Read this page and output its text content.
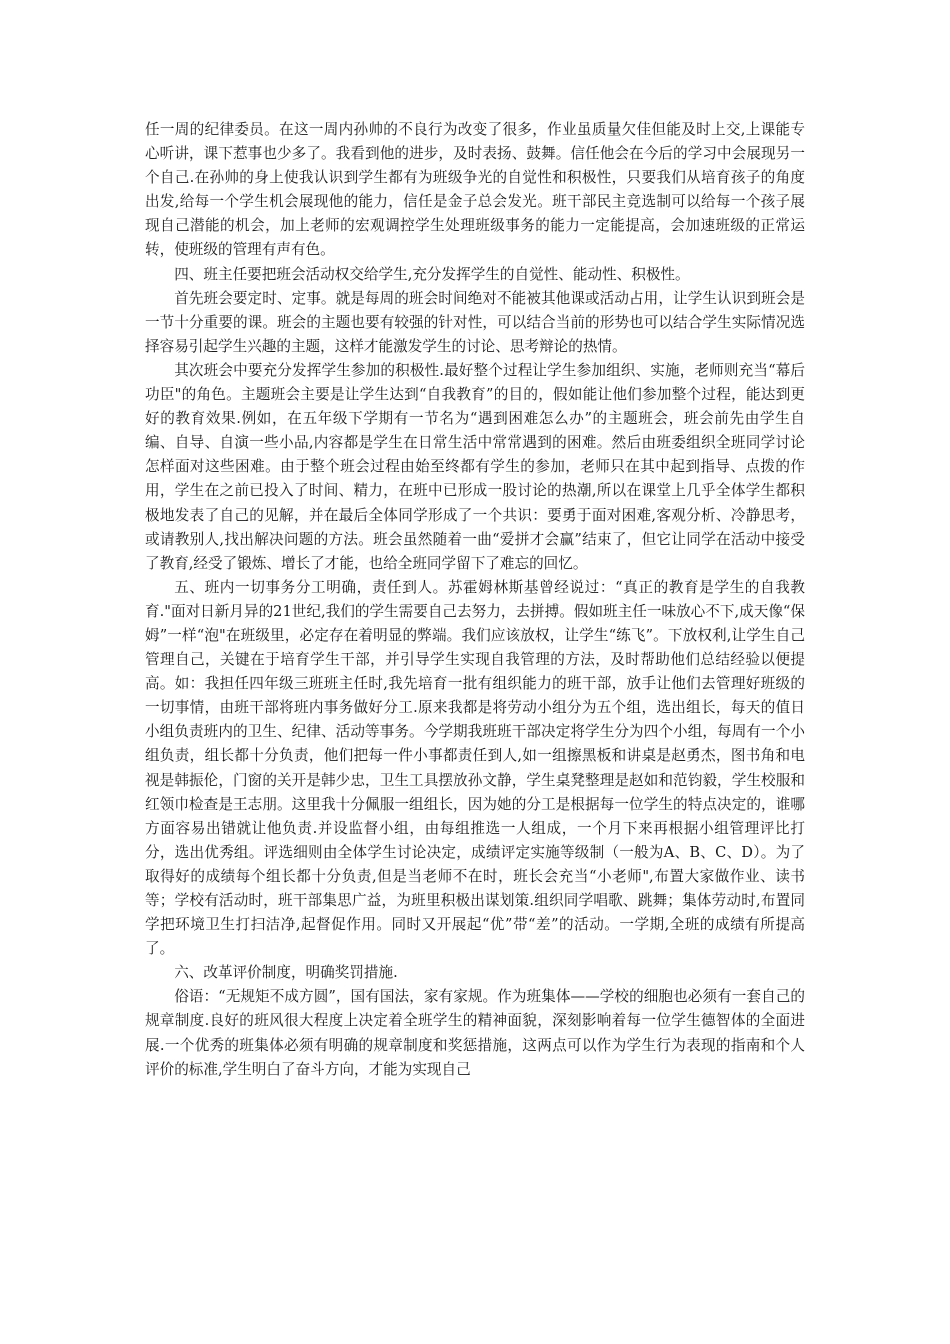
任一周的纪律委员。在这一周内孙帅的不良行为改变了很多，作业虽质量欠佳但能及时上交,上课能专心听讲，课下惹事也少多了。我看到他的进步，及时表扬、鼓舞。信任他会在今后的学习中会展现另一个自己.在孙帅的身上使我认识到学生都有为班级争光的自觉性和积极性，只要我们从培育孩子的角度出发,给每一个学生机会展现他的能力，信任是金子总会发光。班干部民主竞选制可以给每一个孩子展现自己潜能的机会，加上老师的宏观调控学生处理班级事务的能力一定能提高，会加速班级的正常运转，使班级的管理有声有色。

四、班主任要把班会活动权交给学生,充分发挥学生的自觉性、能动性、积极性。

首先班会要定时、定事。就是每周的班会时间绝对不能被其他课或活动占用，让学生认识到班会是一节十分重要的课。班会的主题也要有较强的针对性，可以结合当前的形势也可以结合学生实际情况选择容易引起学生兴趣的主题，这样才能激发学生的讨论、思考辩论的热情。

其次班会中要充分发挥学生参加的积极性.最好整个过程让学生参加组织、实施，老师则充当“幕后功臣"的角色。主题班会主要是让学生达到“自我教育”的目的，假如能让他们参加整个过程，能达到更好的教育效果.例如，在五年级下学期有一节名为“遇到困难怎么办”的主题班会，班会前先由学生自编、自导、自演一些小品,内容都是学生在日常生活中常常遇到的困难。然后由班委组织全班同学讨论怎样面对这些困难。由于整个班会过程由始至终都有学生的参加，老师只在其中起到指导、点拨的作用，学生在之前已投入了时间、精力，在班中已形成一股讨论的热潮,所以在课堂上几乎全体学生都积极地发表了自己的见解，并在最后全体同学形成了一个共识：要勇于面对困难,客观分析、冷静思考，或请教别人,找出解决问题的方法。班会虽然随着一曲“爱拼才会赢”结束了，但它让同学在活动中接受了教育,经受了锻炼、增长了才能，也给全班同学留下了难忘的回忆。

五、班内一切事务分工明确，责任到人。苏霍姆林斯基曾经说过：“真正的教育是学生的自我教育."面对日新月异的21世纪,我们的学生需要自己去努力，去拼搏。假如班主任一味放心不下,成天像“保姆”一样“泡"在班级里，必定存在着明显的弊端。我们应该放权，让学生“练飞”。下放权利,让学生自己管理自己，关键在于培育学生干部，并引导学生实现自我管理的方法，及时帮助他们总结经验以便提高。如：我担任四年级三班班主任时,我先培育一批有组织能力的班干部，放手让他们去管理好班级的一切事情，由班干部将班内事务做好分工.原来我都是将劳动小组分为五个组，选出组长，每天的值日小组负责班内的卫生、纪律、活动等事务。今学期我班班干部决定将学生分为四个小组，每周有一个小组负责，组长都十分负责，他们把每一件小事都责任到人,如一组擦黑板和讲桌是赵勇杰，图书角和电视是韩振伦，门窗的关开是韩少忠，卫生工具摆放孙文静，学生桌凳整理是赵如和范钧毅，学生校服和红领巾检查是王志朋。这里我十分佩服一组组长，因为她的分工是根据每一位学生的特点决定的，谁哪方面容易出错就让他负责.并设监督小组，由每组推选一人组成，一个月下来再根据小组管理评比打分，选出优秀组。评选细则由全体学生讨论决定，成绩评定实施等级制（一般为A、B、C、D）。为了取得好的成绩每个组长都十分负责,但是当老师不在时，班长会充当“小老师",布置大家做作业、读书等；学校有活动时，班干部集思广益，为班里积极出谋划策.组织同学唱歌、跳舞；集体劳动时,布置同学把环境卫生打扫洁净,起督促作用。同时又开展起“优”带“差”的活动。一学期,全班的成绩有所提高了。

六、改革评价制度，明确奖罚措施.

俗语：“无规矩不成方圆”，国有国法，家有家规。作为班集体——学校的细胞也必须有一套自己的规章制度.良好的班风很大程度上决定着全班学生的精神面貌，深刻影响着每一位学生德智体的全面进展.一个优秀的班集体必须有明确的规章制度和奖惩措施，这两点可以作为学生行为表现的指南和个人评价的标准,学生明白了奋斗方向，才能为实现自己
